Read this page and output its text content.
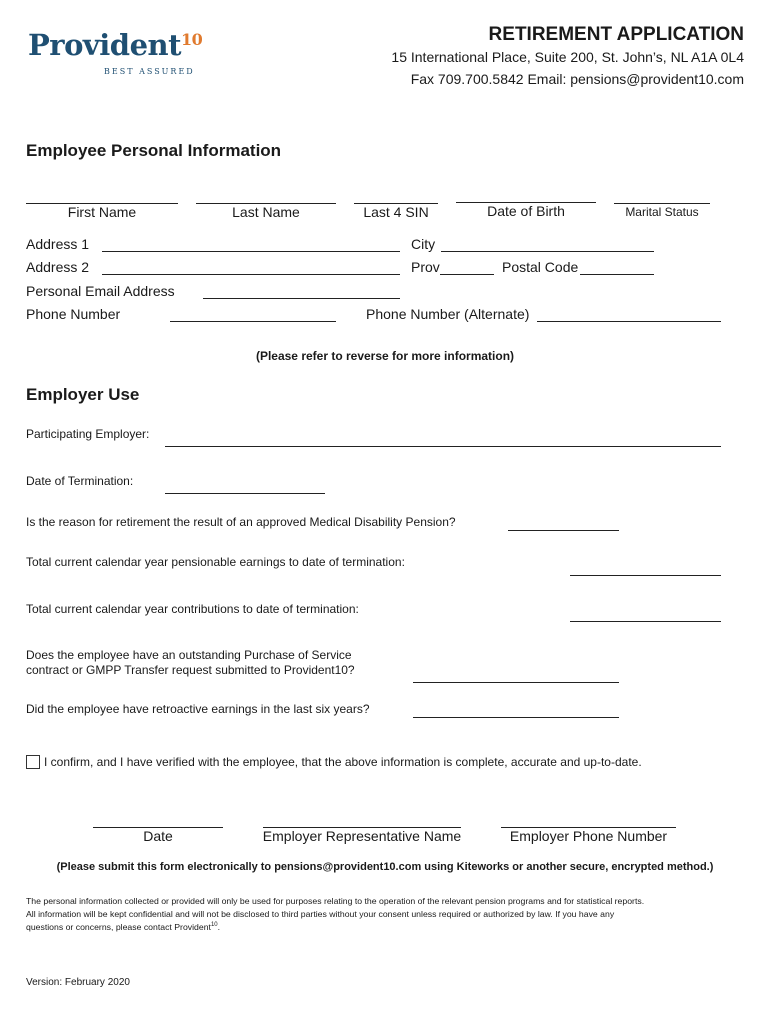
Provident$^{10}$
BEST ASSURED
RETIREMENT APPLICATION
15 International Place, Suite 200, St. John’s, NL A1A 0L4
Fax 709.700.5842 Email: pensions@provident10.com
Employee Personal Information
First Name	Last Name	Last 4 SIN	Date of Birth	Marital Status
Address 1	City
Address 2	Prov	Postal Code
Personal Email Address
Phone Number	Phone Number (Alternate)
(Please refer to reverse for more information)
Employer Use
Participating Employer:
Date of Termination:
Is the reason for retirement the result of an approved Medical Disability Pension?
Total current calendar year pensionable earnings to date of termination:
Total current calendar year contributions to date of termination:
Does the employee have an outstanding Purchase of Service
contract or GMPP Transfer request submitted to Provident10?
Did the employee have retroactive earnings in the last six years?
I confirm, and I have verified with the employee, that the above information is complete, accurate and up-to-date.
Date	Employer Representative Name	Employer Phone Number
(Please submit this form electronically to pensions@provident10.com using Kiteworks or another secure, encrypted method.)
The personal information collected or provided will only be used for purposes relating to the operation of the relevant pension programs and for statistical reports.
All information will be kept confidential and will not be disclosed to third parties without your consent unless required or authorized by law. If you have any
questions or concerns, please contact Provident$^{10}$.
Version: February 2020
